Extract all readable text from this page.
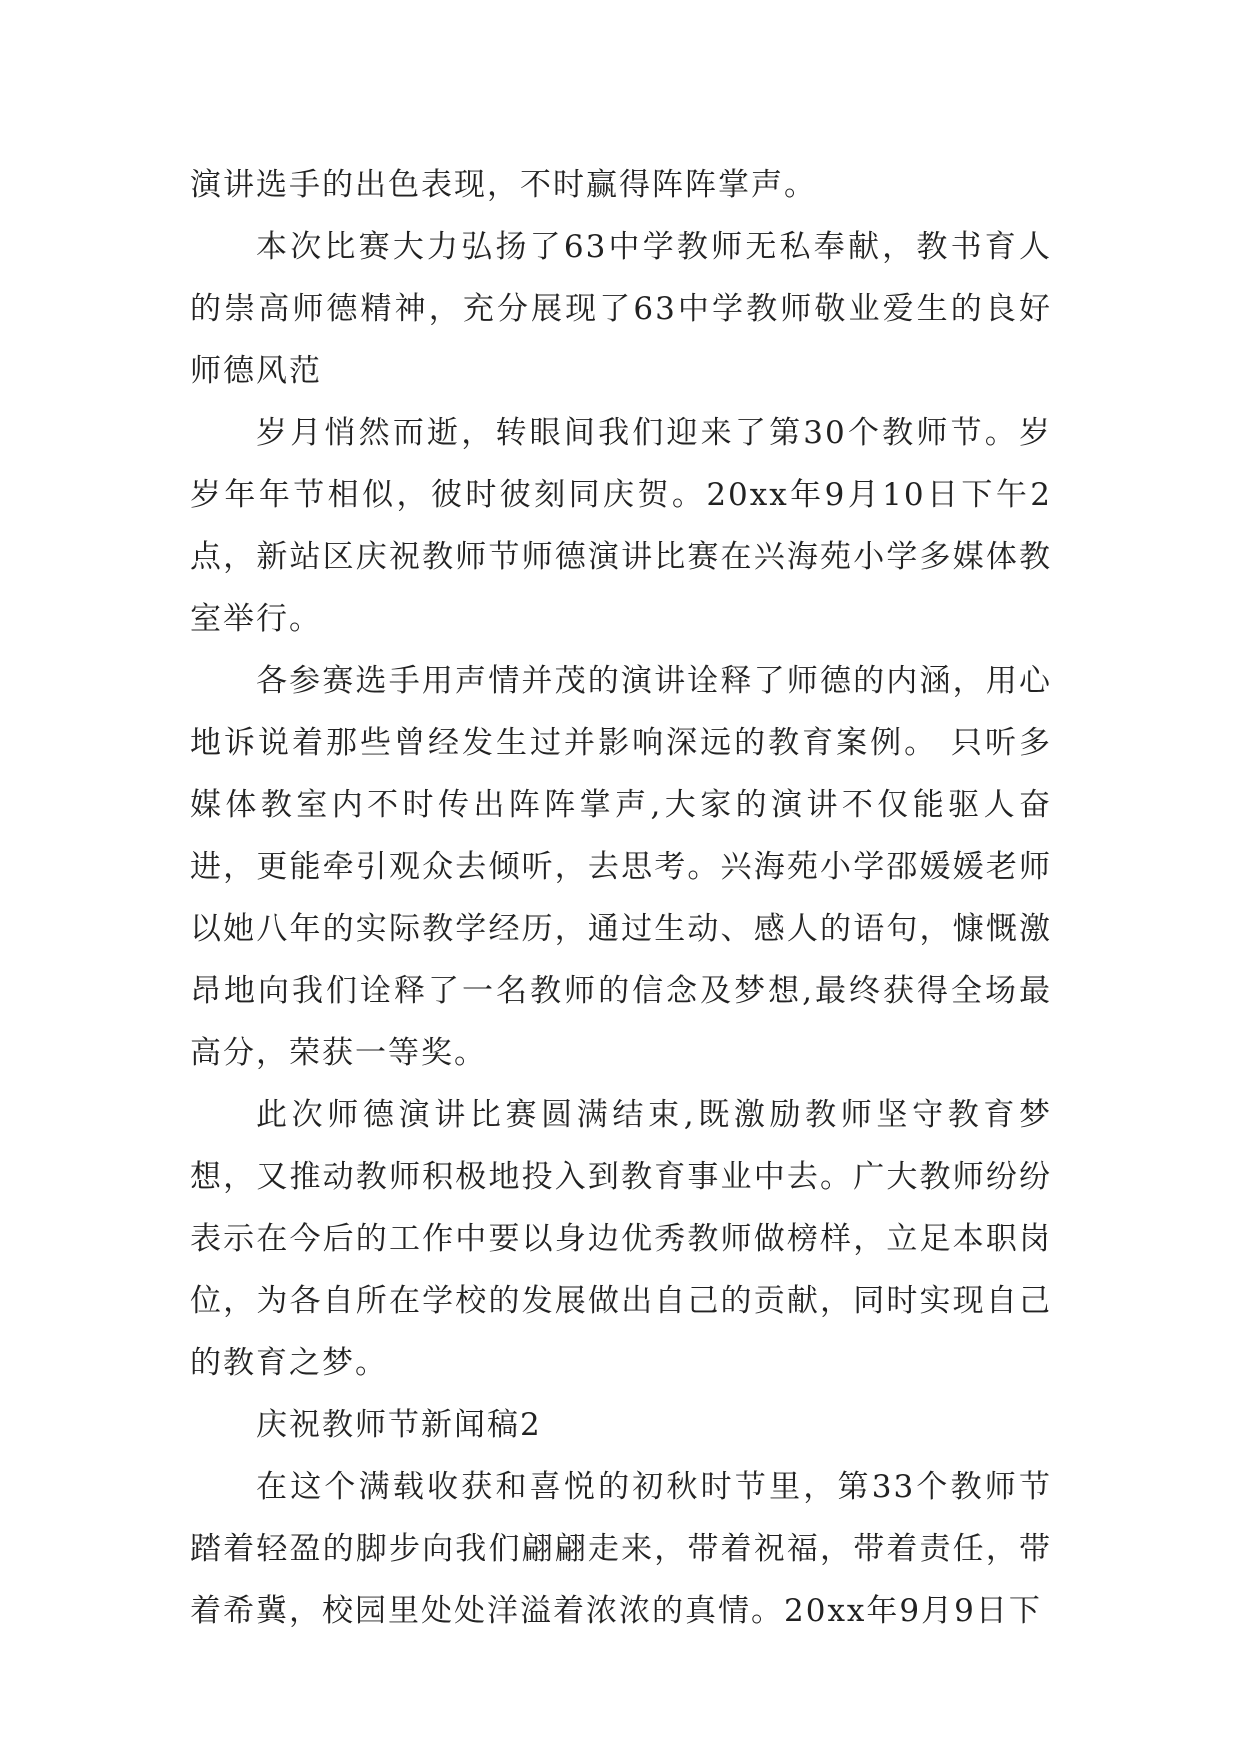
演讲选手的出色表现，不时赢得阵阵掌声。

本次比赛大力弘扬了63中学教师无私奉献，教书育人的崇高师德精神，充分展现了63中学教师敬业爱生的良好师德风范

岁月悄然而逝，转眼间我们迎来了第30个教师节。岁岁年年节相似，彼时彼刻同庆贺。20xx年9月10日下午2点，新站区庆祝教师节师德演讲比赛在兴海苑小学多媒体教室举行。

各参赛选手用声情并茂的演讲诠释了师德的内涵，用心地诉说着那些曾经发生过并影响深远的教育案例。 只听多媒体教室内不时传出阵阵掌声,大家的演讲不仅能驱人奋进，更能牵引观众去倾听，去思考。兴海苑小学邵媛媛老师以她八年的实际教学经历，通过生动、感人的语句，慷慨激昂地向我们诠释了一名教师的信念及梦想,最终获得全场最高分，荣获一等奖。

此次师德演讲比赛圆满结束,既激励教师坚守教育梦想，又推动教师积极地投入到教育事业中去。广大教师纷纷表示在今后的工作中要以身边优秀教师做榜样，立足本职岗位，为各自所在学校的发展做出自己的贡献，同时实现自己的教育之梦。

庆祝教师节新闻稿2

在这个满载收获和喜悦的初秋时节里，第33个教师节踏着轻盈的脚步向我们翩翩走来，带着祝福，带着责任，带着希冀，校园里处处洋溢着浓浓的真情。20xx年9月9日下
